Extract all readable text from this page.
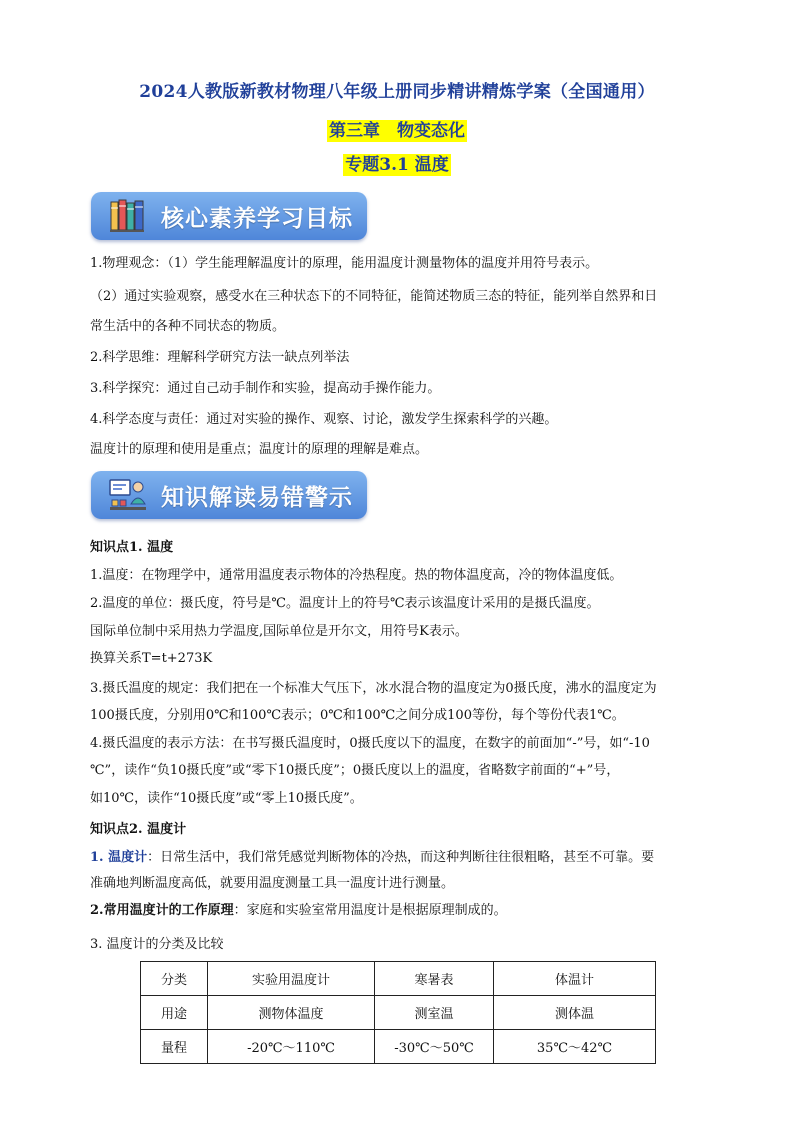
2024人教版新教材物理八年级上册同步精讲精炼学案（全国通用）
第三章　物变态化
专题3.1 温度
核心素养学习目标
1.物理观念：（1）学生能理解温度计的原理，能用温度计测量物体的温度并用符号表示。
（2）通过实验观察，感受水在三种状态下的不同特征，能简述物质三态的特征，能列举自然界和日
常生活中的各种不同状态的物质。
2.科学思维：理解科学研究方法一缺点列举法
3.科学探究：通过自己动手制作和实验，提高动手操作能力。
4.科学态度与责任：通过对实验的操作、观察、讨论，激发学生探索科学的兴趣。
温度计的原理和使用是重点；温度计的原理的理解是难点。
知识解读易错警示
知识点1. 温度
1.温度：在物理学中，通常用温度表示物体的冷热程度。热的物体温度高，冷的物体温度低。
2.温度的单位：摄氏度，符号是℃。温度计上的符号℃表示该温度计采用的是摄氏温度。
国际单位制中采用热力学温度,国际单位是开尔文，用符号K表示。
换算关系T=t+273K
3.摄氏温度的规定：我们把在一个标准大气压下，冰水混合物的温度定为0摄氏度，沸水的温度定为
100摄氏度，分别用0℃和100℃表示；0℃和100℃之间分成100等份，每个等份代表1℃。
4.摄氏温度的表示方法：在书写摄氏温度时，0摄氏度以下的温度，在数字的前面加“-”号，如“-10
℃”，读作“负10摄氏度”或“零下10摄氏度”；0摄氏度以上的温度，省略数字前面的“+”号，
如10℃，读作“10摄氏度”或“零上10摄氏度”。
知识点2. 温度计
1. 温度计：日常生活中，我们常凭感觉判断物体的冷热，而这种判断往往很粗略，甚至不可靠。要
准确地判断温度高低，就要用温度测量工具一温度计进行测量。
2.常用温度计的工作原理：家庭和实验室常用温度计是根据原理制成的。
3. 温度计的分类及比较
分类	实验用温度计	寒暑表	体温计
用途	测物体温度	测室温	测体温
量程	-20℃～110℃	-30℃～50℃	35℃～42℃
